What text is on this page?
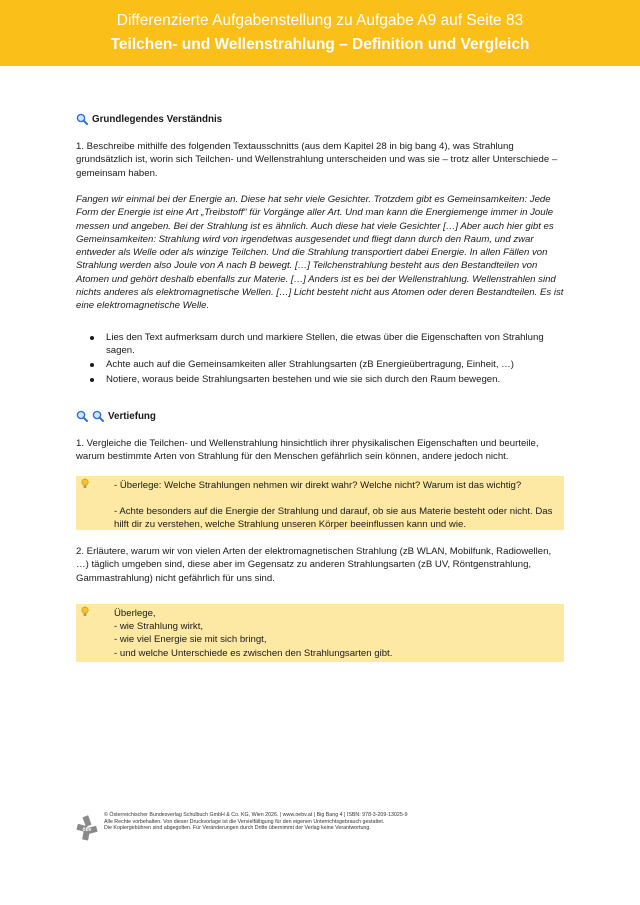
Differenzierte Aufgabenstellung zu Aufgabe A9 auf Seite 83
Teilchen- und Wellenstrahlung – Definition und Vergleich
Grundlegendes Verständnis
1. Beschreibe mithilfe des folgenden Textausschnitts (aus dem Kapitel 28 in big bang 4), was Strahlung grundsätzlich ist, worin sich Teilchen- und Wellenstrahlung unterscheiden und was sie – trotz aller Unterschiede – gemeinsam haben.
Fangen wir einmal bei der Energie an. Diese hat sehr viele Gesichter. Trotzdem gibt es Gemeinsamkeiten: Jede Form der Energie ist eine Art „Treibstoff“ für Vorgänge aller Art. Und man kann die Energiemenge immer in Joule messen und angeben. Bei der Strahlung ist es ähnlich. Auch diese hat viele Gesichter […] Aber auch hier gibt es Gemeinsamkeiten: Strahlung wird von irgendetwas ausgesendet und fliegt dann durch den Raum, und zwar entweder als Welle oder als winzige Teilchen. Und die Strahlung transportiert dabei Energie. In allen Fällen von Strahlung werden also Joule von A nach B bewegt. […] Teilchenstrahlung besteht aus den Bestandteilen von Atomen und gehört deshalb ebenfalls zur Materie. […] Anders ist es bei der Wellenstrahlung. Wellenstrahlen sind nichts anderes als elektromagnetische Wellen. […] Licht besteht nicht aus Atomen oder deren Bestandteilen. Es ist eine elektromagnetische Welle.
Lies den Text aufmerksam durch und markiere Stellen, die etwas über die Eigenschaften von Strahlung sagen.
Achte auch auf die Gemeinsamkeiten aller Strahlungsarten (zB Energieübertragung, Einheit, …)
Notiere, woraus beide Strahlungsarten bestehen und wie sie sich durch den Raum bewegen.
Vertiefung
1. Vergleiche die Teilchen- und Wellenstrahlung hinsichtlich ihrer physikalischen Eigenschaften und beurteile, warum bestimmte Arten von Strahlung für den Menschen gefährlich sein können, andere jedoch nicht.

- Überlege: Welche Strahlungen nehmen wir direkt wahr? Welche nicht? Warum ist das wichtig?

- Achte besonders auf die Energie der Strahlung und darauf, ob sie aus Materie besteht oder nicht. Das hilft dir zu verstehen, welche Strahlung unseren Körper beeinflussen kann und wie.

2. Erläutere, warum wir von vielen Arten der elektromagnetischen Strahlung (zB WLAN, Mobilfunk, Radiowellen, …) täglich umgeben sind, diese aber im Gegensatz zu anderen Strahlungsarten (zB UV, Röntgenstrahlung, Gammastrahlung) nicht gefährlich für uns sind.

Überlege,

- wie Strahlung wirkt,

- wie viel Energie sie mit sich bringt,

- und welche Unterschiede es zwischen den Strahlungsarten gibt.

öbv
© Österreichischer Bundesverlag Schulbuch GmbH & Co. KG, Wien 2026. | www.oebv.at | Big Bang 4 | ISBN: 978-3-209-13025-9
Alle Rechte vorbehalten. Von dieser Druckvorlage ist die Vervielfältigung für den eigenen Unterrichtsgebrauch gestattet.
Die Kopiergebühren sind abgegolten. Für Veränderungen durch Dritte übernimmt der Verlag keine Verantwortung.
